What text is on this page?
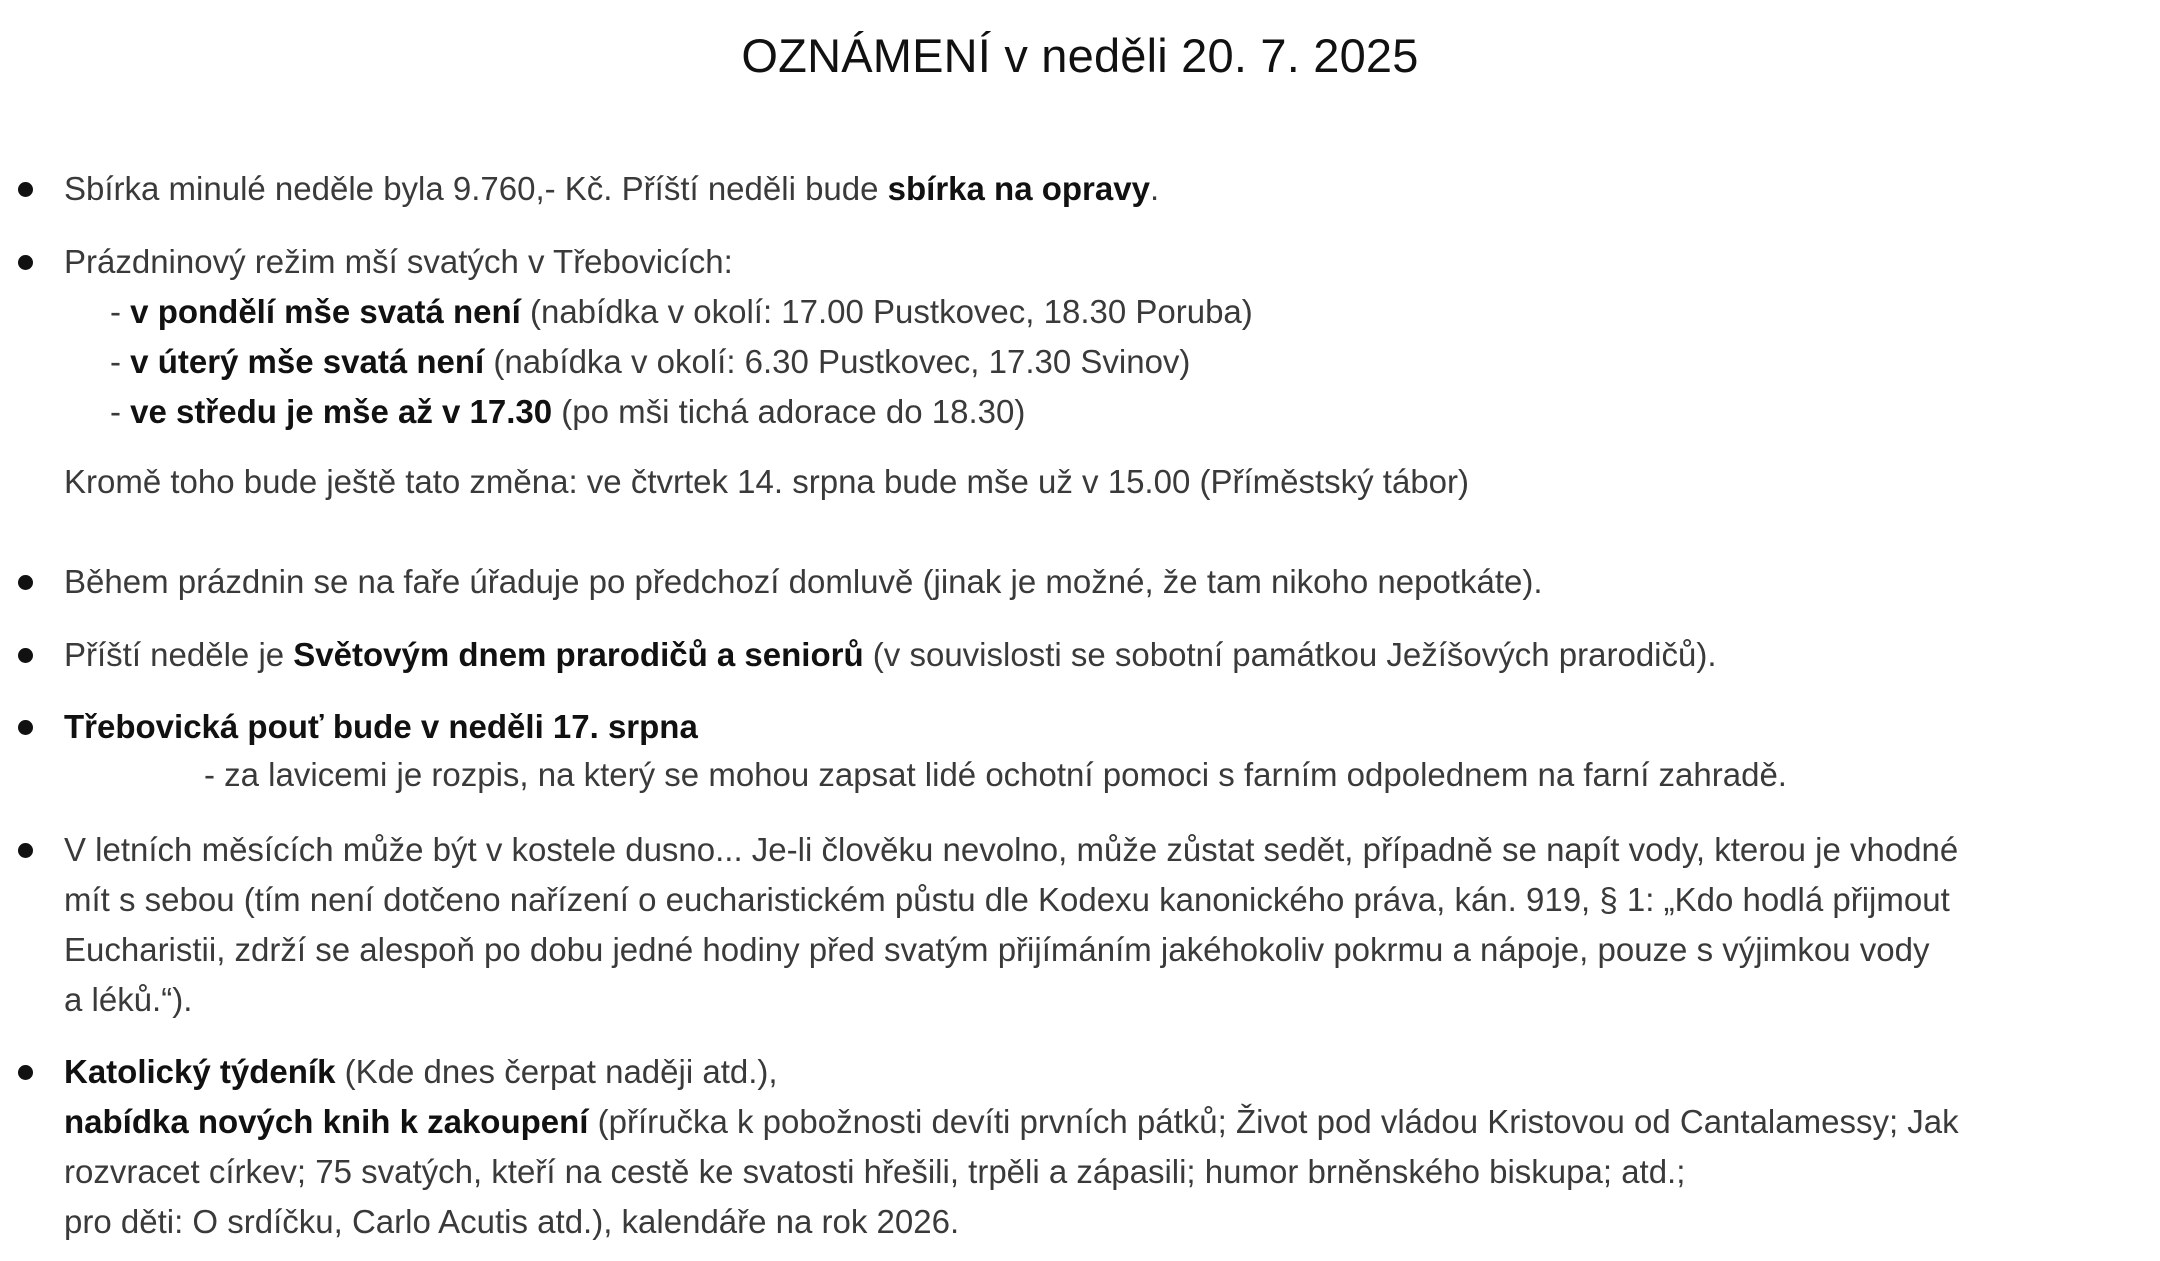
OZNÁMENÍ v neděli 20. 7. 2025
Sbírka minulé neděle byla 9.760,- Kč. Příští neděli bude sbírka na opravy.
Prázdninový režim mší svatých v Třebovicích:
- v pondělí mše svatá není (nabídka v okolí: 17.00 Pustkovec, 18.30 Poruba)
- v úterý mše svatá není (nabídka v okolí: 6.30 Pustkovec, 17.30 Svinov)
- ve středu je mše až v 17.30 (po mši tichá adorace do 18.30)
Kromě toho bude ještě tato změna: ve čtvrtek 14. srpna bude mše už v 15.00 (Příměstský tábor)
Během prázdnin se na faře úřaduje po předchozí domluvě (jinak je možné, že tam nikoho nepotkáte).
Příští neděle je Světovým dnem prarodičů a seniorů (v souvislosti se sobotní památkou Ježíšových prarodičů).
Třebovická pouť bude v neděli 17. srpna
- za lavicemi je rozpis, na který se mohou zapsat lidé ochotní pomoci s farním odpolednem na farní zahradě.
V letních měsících může být v kostele dusno... Je-li člověku nevolno, může zůstat sedět, případně se napít vody, kterou je vhodné
mít s sebou (tím není dotčeno nařízení o eucharistickém půstu dle Kodexu kanonického práva, kán. 919, § 1: „Kdo hodlá přijmout
Eucharistii, zdrží se alespoň po dobu jedné hodiny před svatým přijímáním jakéhokoliv pokrmu a nápoje, pouze s výjimkou vody
a léků.“).
Katolický týdeník (Kde dnes čerpat naději atd.),
nabídka nových knih k zakoupení (příručka k pobožnosti devíti prvních pátků; Život pod vládou Kristovou od Cantalamessy; Jak
rozvracet církev; 75 svatých, kteří na cestě ke svatosti hřešili, trpěli a zápasili; humor brněnského biskupa; atd.;
pro děti: O srdíčku, Carlo Acutis atd.), kalendáře na rok 2026.
